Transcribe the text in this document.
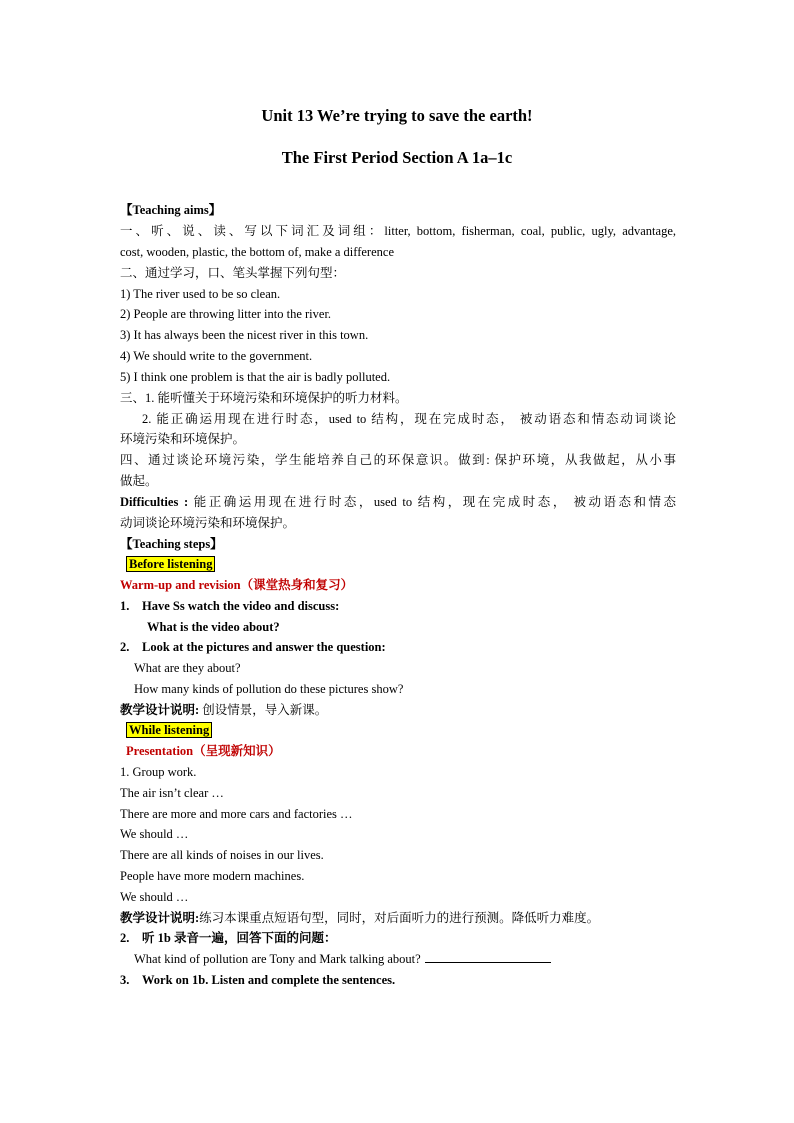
Unit 13 We’re trying to save the earth!
The First Period Section A 1a–1c
【Teaching aims】
一、听、说、读、写以下词汇及词组：litter, bottom, fisherman, coal, public, ugly, advantage,
cost, wooden, plastic, the bottom of, make a difference
二、通过学习，口、笔头掌握下列句型：
1) The river used to be so clean.
2) People are throwing litter into the river.
3) It has always been the nicest river in this town.
4) We should write to the government.
5) I think one problem is that the air is badly polluted.
三、1. 能听懂关于环境污染和环境保护的听力材料。
2. 能正确运用现在进行时态，used to 结构，现在完成时态， 被动语态和情态动词谈论
环境污染和环境保护。
四、通过谈论环境污染，学生能培养自己的环保意识。做到: 保护环境，从我做起，从小事
做起。
Difficulties : 能正确运用现在进行时态，used to 结构，现在完成时态， 被动语态和情态
动词谈论环境污染和环境保护。
【Teaching steps】
Before listening
Warm-up and revision（课堂热身和复习）
1. Have Ss watch the video and discuss:
What is the video about?
2. Look at the pictures and answer the question:
What are they about?
How many kinds of pollution do these pictures show?
教学设计说明: 创设情景，导入新课。
While listening
Presentation（呈现新知识）
1. Group work.
The air isn’t clear …
There are more and more cars and factories …
We should …
There are all kinds of noises in our lives.
People have more modern machines.
We should …
教学设计说明:练习本课重点短语句型，同时，对后面听力的进行预测。降低听力难度。
2. 听 1b 录音一遍，回答下面的问题：
What kind of pollution are Tony and Mark talking about?
3. Work on 1b. Listen and complete the sentences.
